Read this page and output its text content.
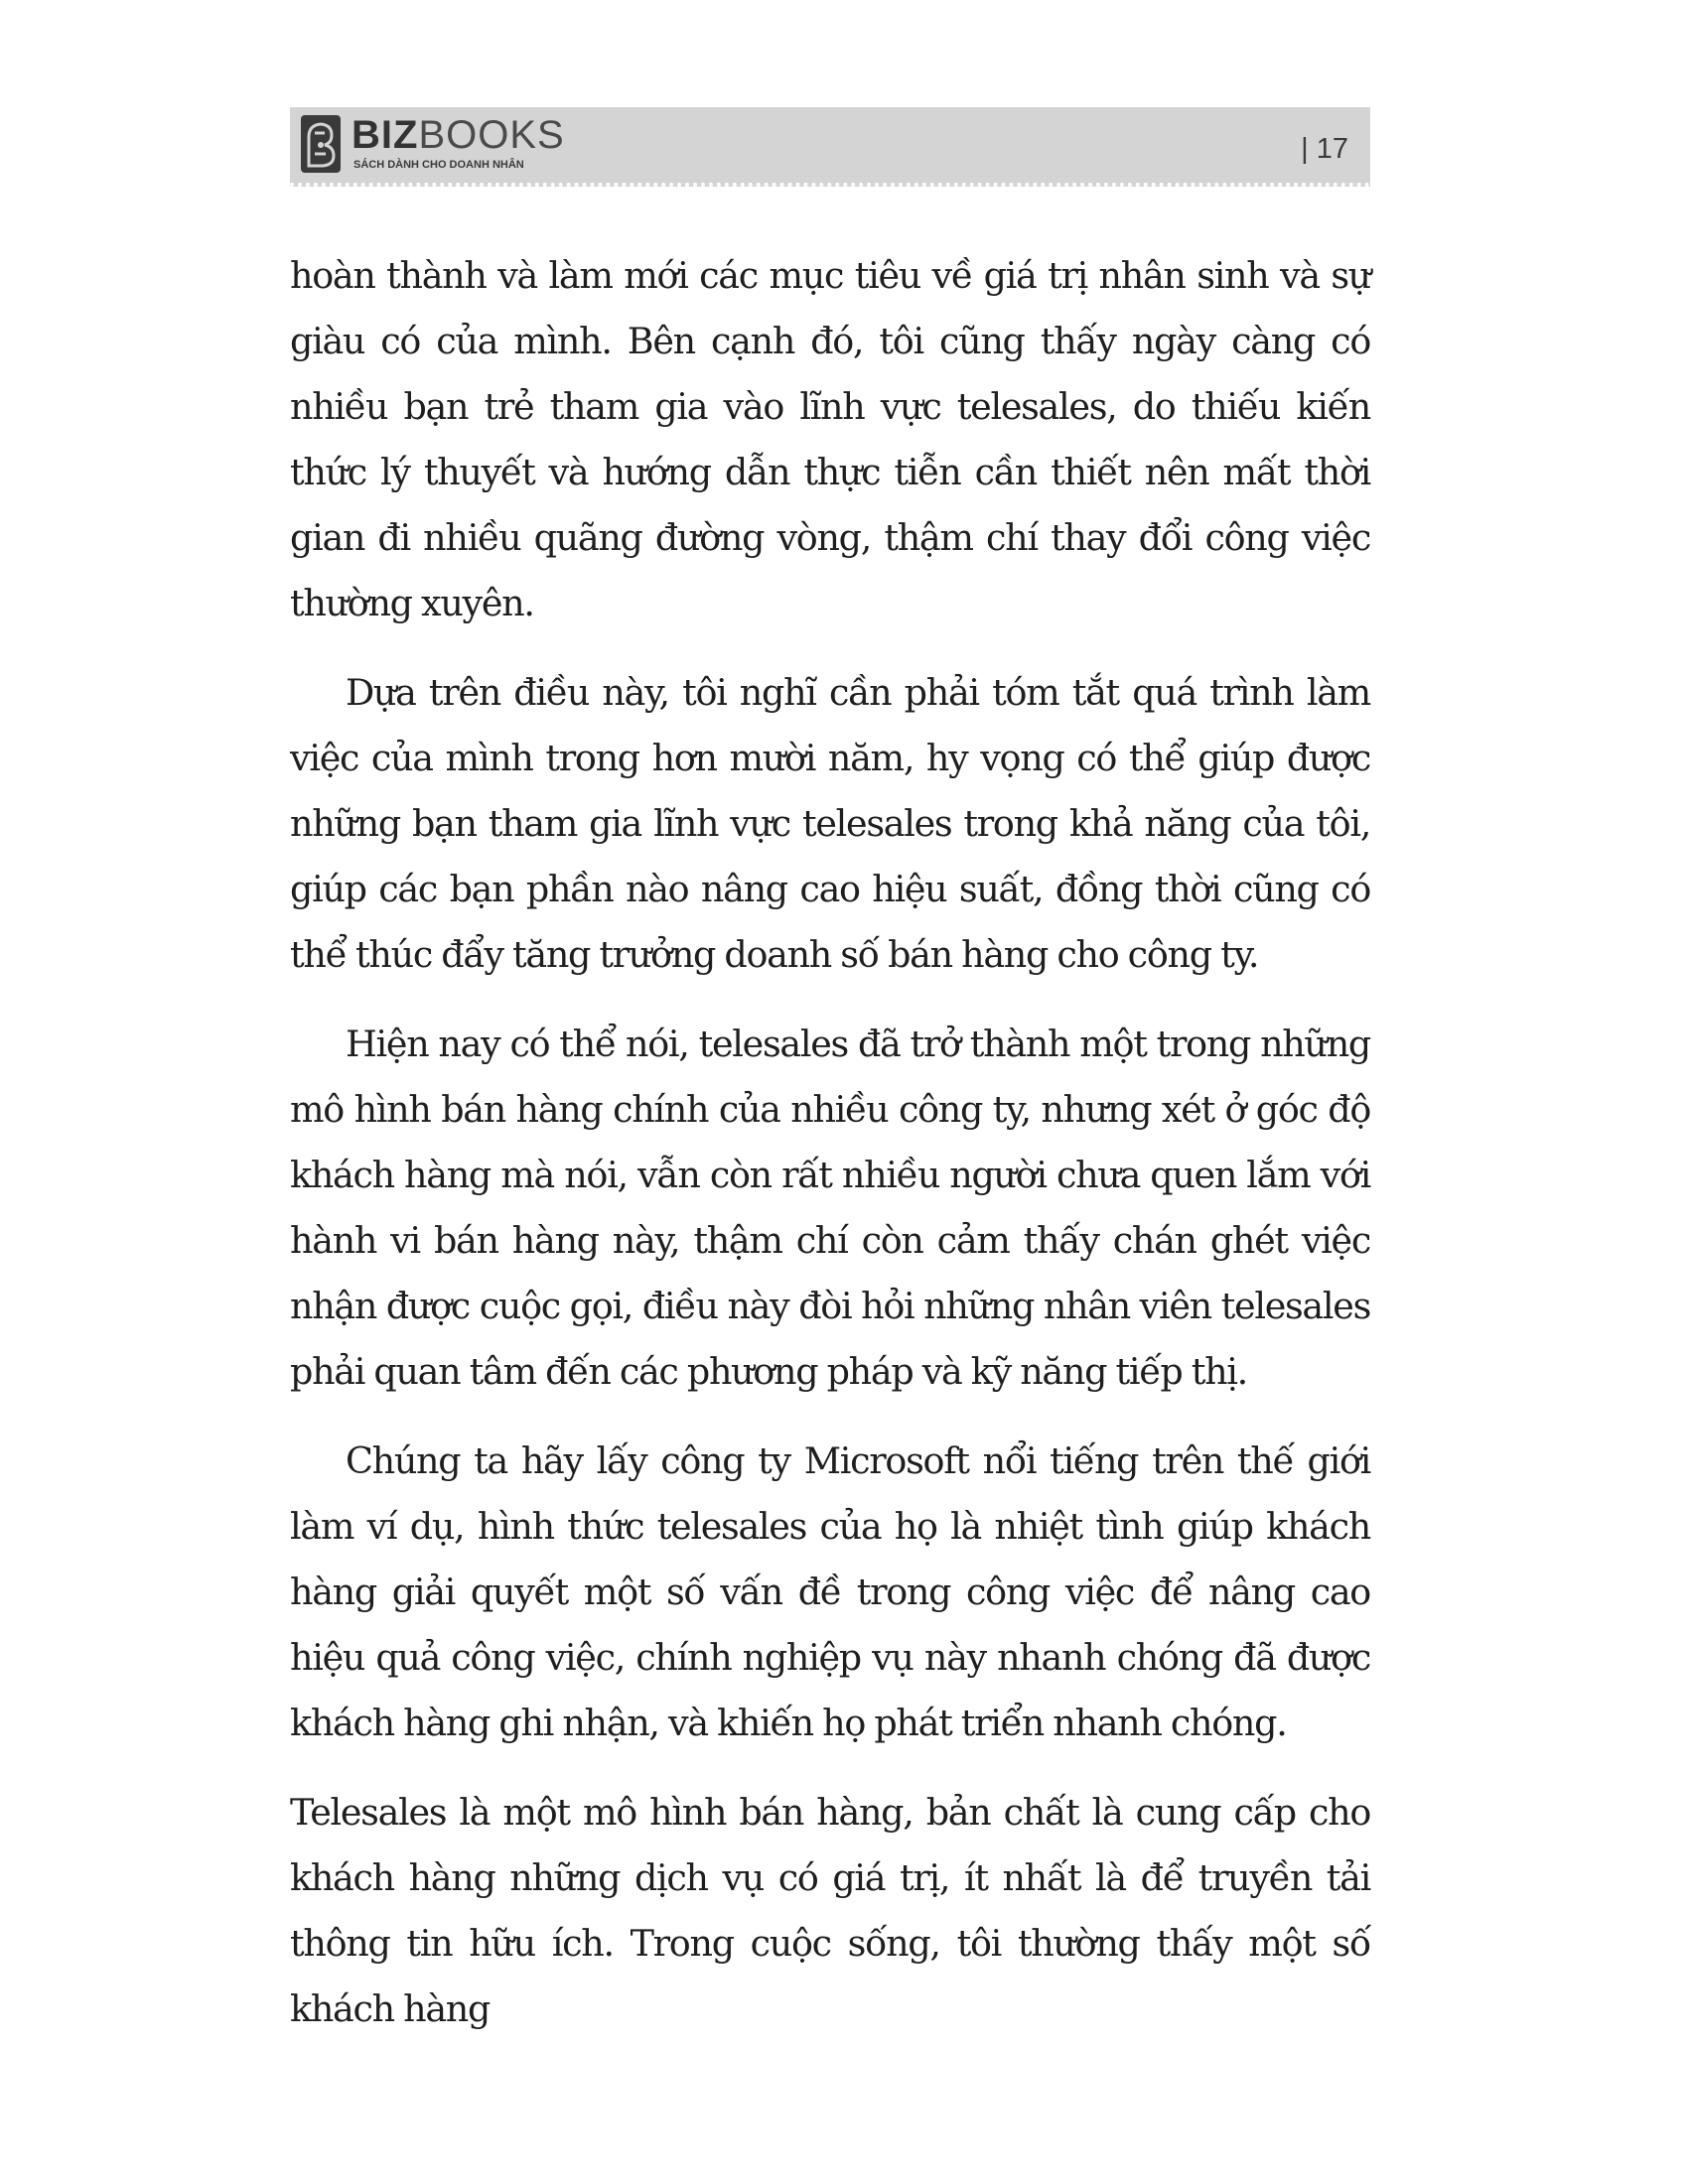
BIZBOOKS
SÁCH DÀNH CHO DOANH NHÂN	| 17

hoàn thành và làm mới các mục tiêu về giá trị nhân sinh và sự giàu có của mình. Bên cạnh đó, tôi cũng thấy ngày càng có nhiều bạn trẻ tham gia vào lĩnh vực telesales, do thiếu kiến thức lý thuyết và hướng dẫn thực tiễn cần thiết nên mất thời gian đi nhiều quãng đường vòng, thậm chí thay đổi công việc thường xuyên.

Dựa trên điều này, tôi nghĩ cần phải tóm tắt quá trình làm việc của mình trong hơn mười năm, hy vọng có thể giúp được những bạn tham gia lĩnh vực telesales trong khả năng của tôi, giúp các bạn phần nào nâng cao hiệu suất, đồng thời cũng có thể thúc đẩy tăng trưởng doanh số bán hàng cho công ty.

Hiện nay có thể nói, telesales đã trở thành một trong những mô hình bán hàng chính của nhiều công ty, nhưng xét ở góc độ khách hàng mà nói, vẫn còn rất nhiều người chưa quen lắm với hành vi bán hàng này, thậm chí còn cảm thấy chán ghét việc nhận được cuộc gọi, điều này đòi hỏi những nhân viên telesales phải quan tâm đến các phương pháp và kỹ năng tiếp thị.

Chúng ta hãy lấy công ty Microsoft nổi tiếng trên thế giới làm ví dụ, hình thức telesales của họ là nhiệt tình giúp khách hàng giải quyết một số vấn đề trong công việc để nâng cao hiệu quả công việc, chính nghiệp vụ này nhanh chóng đã được khách hàng ghi nhận, và khiến họ phát triển nhanh chóng.

Telesales là một mô hình bán hàng, bản chất là cung cấp cho khách hàng những dịch vụ có giá trị, ít nhất là để truyền tải thông tin hữu ích. Trong cuộc sống, tôi thường thấy một số khách hàng
